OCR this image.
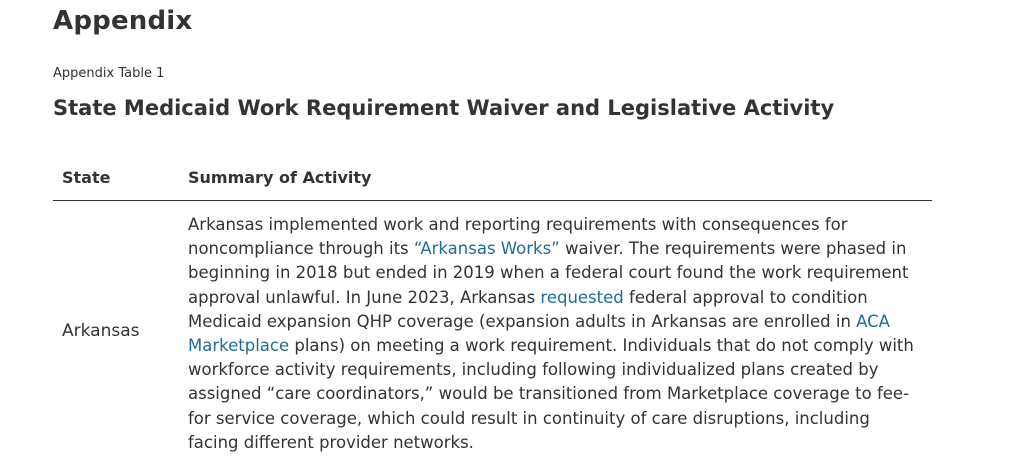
Appendix
Appendix Table 1
State Medicaid Work Requirement Waiver and Legislative Activity
State	Summary of Activity
Arkansas
Arkansas implemented work and reporting requirements with consequences for
noncompliance through its “Arkansas Works” waiver. The requirements were phased in
beginning in 2018 but ended in 2019 when a federal court found the work requirement
approval unlawful. In June 2023, Arkansas requested federal approval to condition
Medicaid expansion QHP coverage (expansion adults in Arkansas are enrolled in ACA
Marketplace plans) on meeting a work requirement. Individuals that do not comply with
workforce activity requirements, including following individualized plans created by
assigned “care coordinators,” would be transitioned from Marketplace coverage to fee-
for service coverage, which could result in continuity of care disruptions, including
facing different provider networks.
